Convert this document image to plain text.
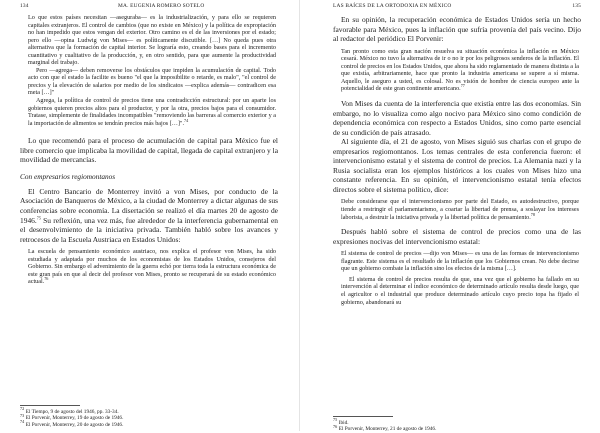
134	MA. EUGENIA ROMERO SOTELO

Lo que estos países necesitan —aseguraba— es la industrialización, y para ello se requieren capitales extranjeros. El control de cambios (que no existe en México) y la política de expropiación no han impedido que estos vengan del exterior. Otro camino es el de las inversiones por el estado; pero ello —opina Ludwig von Mises— es políticamente discutible. […] No queda pues otra alternativa que la formación de capital interior. Se lograría esto, creando bases para el incremento cuantitativo y cualitativo de la producción, y, en otro sentido, para que aumente la productividad marginal del trabajo.

Pero —agrega— deben removerse los obstáculos que impiden la acumulación de capital. Todo acto con que el estado la facilite es bueno "el que la imposibilite o retarde, es malo", "el control de precios y la elevación de salarios por medio de los sindicatos —explica además— contradicen esa meta […]"

Agrega, la política de control de precios tiene una contradicción estructural: por un aparte los gobiernos quieren precios altos para el productor, y por la otra, precios bajos para el consumidor. Tratase, simplemente de finalidades incompatibles "removiendo las barreras al comercio exterior y a la importación de alimentos se tendrán precios más bajos […]".$^{74}$

Lo que recomendó para el proceso de acumulación de capital para México fue el libre comercio que implicaba la movilidad de capital, llegada de capital extranjero y la movilidad de mercancías.

Con empresarios regiomontanos

El Centro Bancario de Monterrey invitó a von Mises, por conducto de la Asociación de Banqueros de México, a la ciudad de Monterrey a dictar algunas de sus conferencias sobre economía. La disertación se realizó el día martes 20 de agosto de 1946.75 Su reflexión, una vez más, fue alrededor de la interferencia gubernamental en el desenvolvimiento de la iniciativa privada. También habló sobre los avances y retrocesos de la Escuela Austriaca en Estados Unidos:

La escuela de pensamiento económico austriaco, nos explica el profesor von Mises, ha sido estudiada y adaptada por muchos de los economistas de los Estados Unidos, consejeros del Gobierno. Sin embargo el advenimiento de la guerra echó por tierra toda la estructura económica de este gran país en que al decir del profesor von Mises, pronto se recuperará de su estado económico actual.$^{76}$

$^{72}$El Tiempo, 9 de agosto del 1946, pp. 33-34.

$^{73}$El Porvenir, Monterrey, 19 de agosto de 1946.

$^{74}$El Porvenir, Monterrey, 20 de agosto de 1946.

LAS BAÍCES DE LA ORTODOXIA EN MÉXICO	135

En su opinión, la recuperación económica de Estados Unidos sería un hecho favorable para México, pues la inflación que sufría provenía del país vecino. Dijo al redactor del periódico El Porvenir:

Tan pronto como esta gran nación resuelva su situación económica la inflación en México cesará. México no tuvo la alternativa de ir o no ir por los peligrosos senderos de la inflación. El control de precios en los Estados Unidos, que ahora ha sido reglamentado de manera distinta a la que existía, arbitrariamente, hace que pronto la industria americana se supere a sí misma. Aquello, le aseguro a usted, es colosal. No es visión de hombre de ciencia europeo ante la potencialidad de este gran continente americano.$^{77}$

Von Mises da cuenta de la interferencia que existía entre las dos economías. Sin embargo, no lo visualiza como algo nocivo para México sino como condición de dependencia económica con respecto a Estados Unidos, sino como parte esencial de su condición de país atrasado.

Al siguiente día, el 21 de agosto, von Mises siguió sus charlas con el grupo de empresarios regiomontanos. Los temas centrales de esta conferencia fueron: el intervencionismo estatal y el sistema de control de precios. La Alemania nazi y la Rusia socialista eran los ejemplos históricos a los cuales von Mises hizo una constante referencia. En su opinión, el intervencionismo estatal tenía efectos directos sobre el sistema político, dice:

Debe considerarse que el intervencionismo por parte del Estado, es autodestructivo, porque tiende a restringir el parlamentarismo, a coartar la libertad de prensa, a soslayar los intereses laborista, a destruir la iniciativa privada y la libertad política de pensamiento.$^{78}$

Después habló sobre el sistema de control de precios como una de las expresiones nocivas del intervencionismo estatal:

El sistema de control de precios —dijo von Mises— es una de las formas de intervencionismo flagrante. Este sistema es el resultado de la inflación que los Gobiernos crean. No debe decirse que un gobierno combate la inflación sino los efectos de la misma […].

El sistema de control de precios resulta de que, una vez que el gobierno ha fallado en su intervención al determinar el índice económico de determinado artículo resulta desde luego, que el agricultor o el industrial que produce determinado artículo cuyo precio topa ha fijado el gobierno, abandonará su

$^{75}$Ibid.

$^{76}$El Porvenir, Monterrey, 21 de agosto de 1946.
